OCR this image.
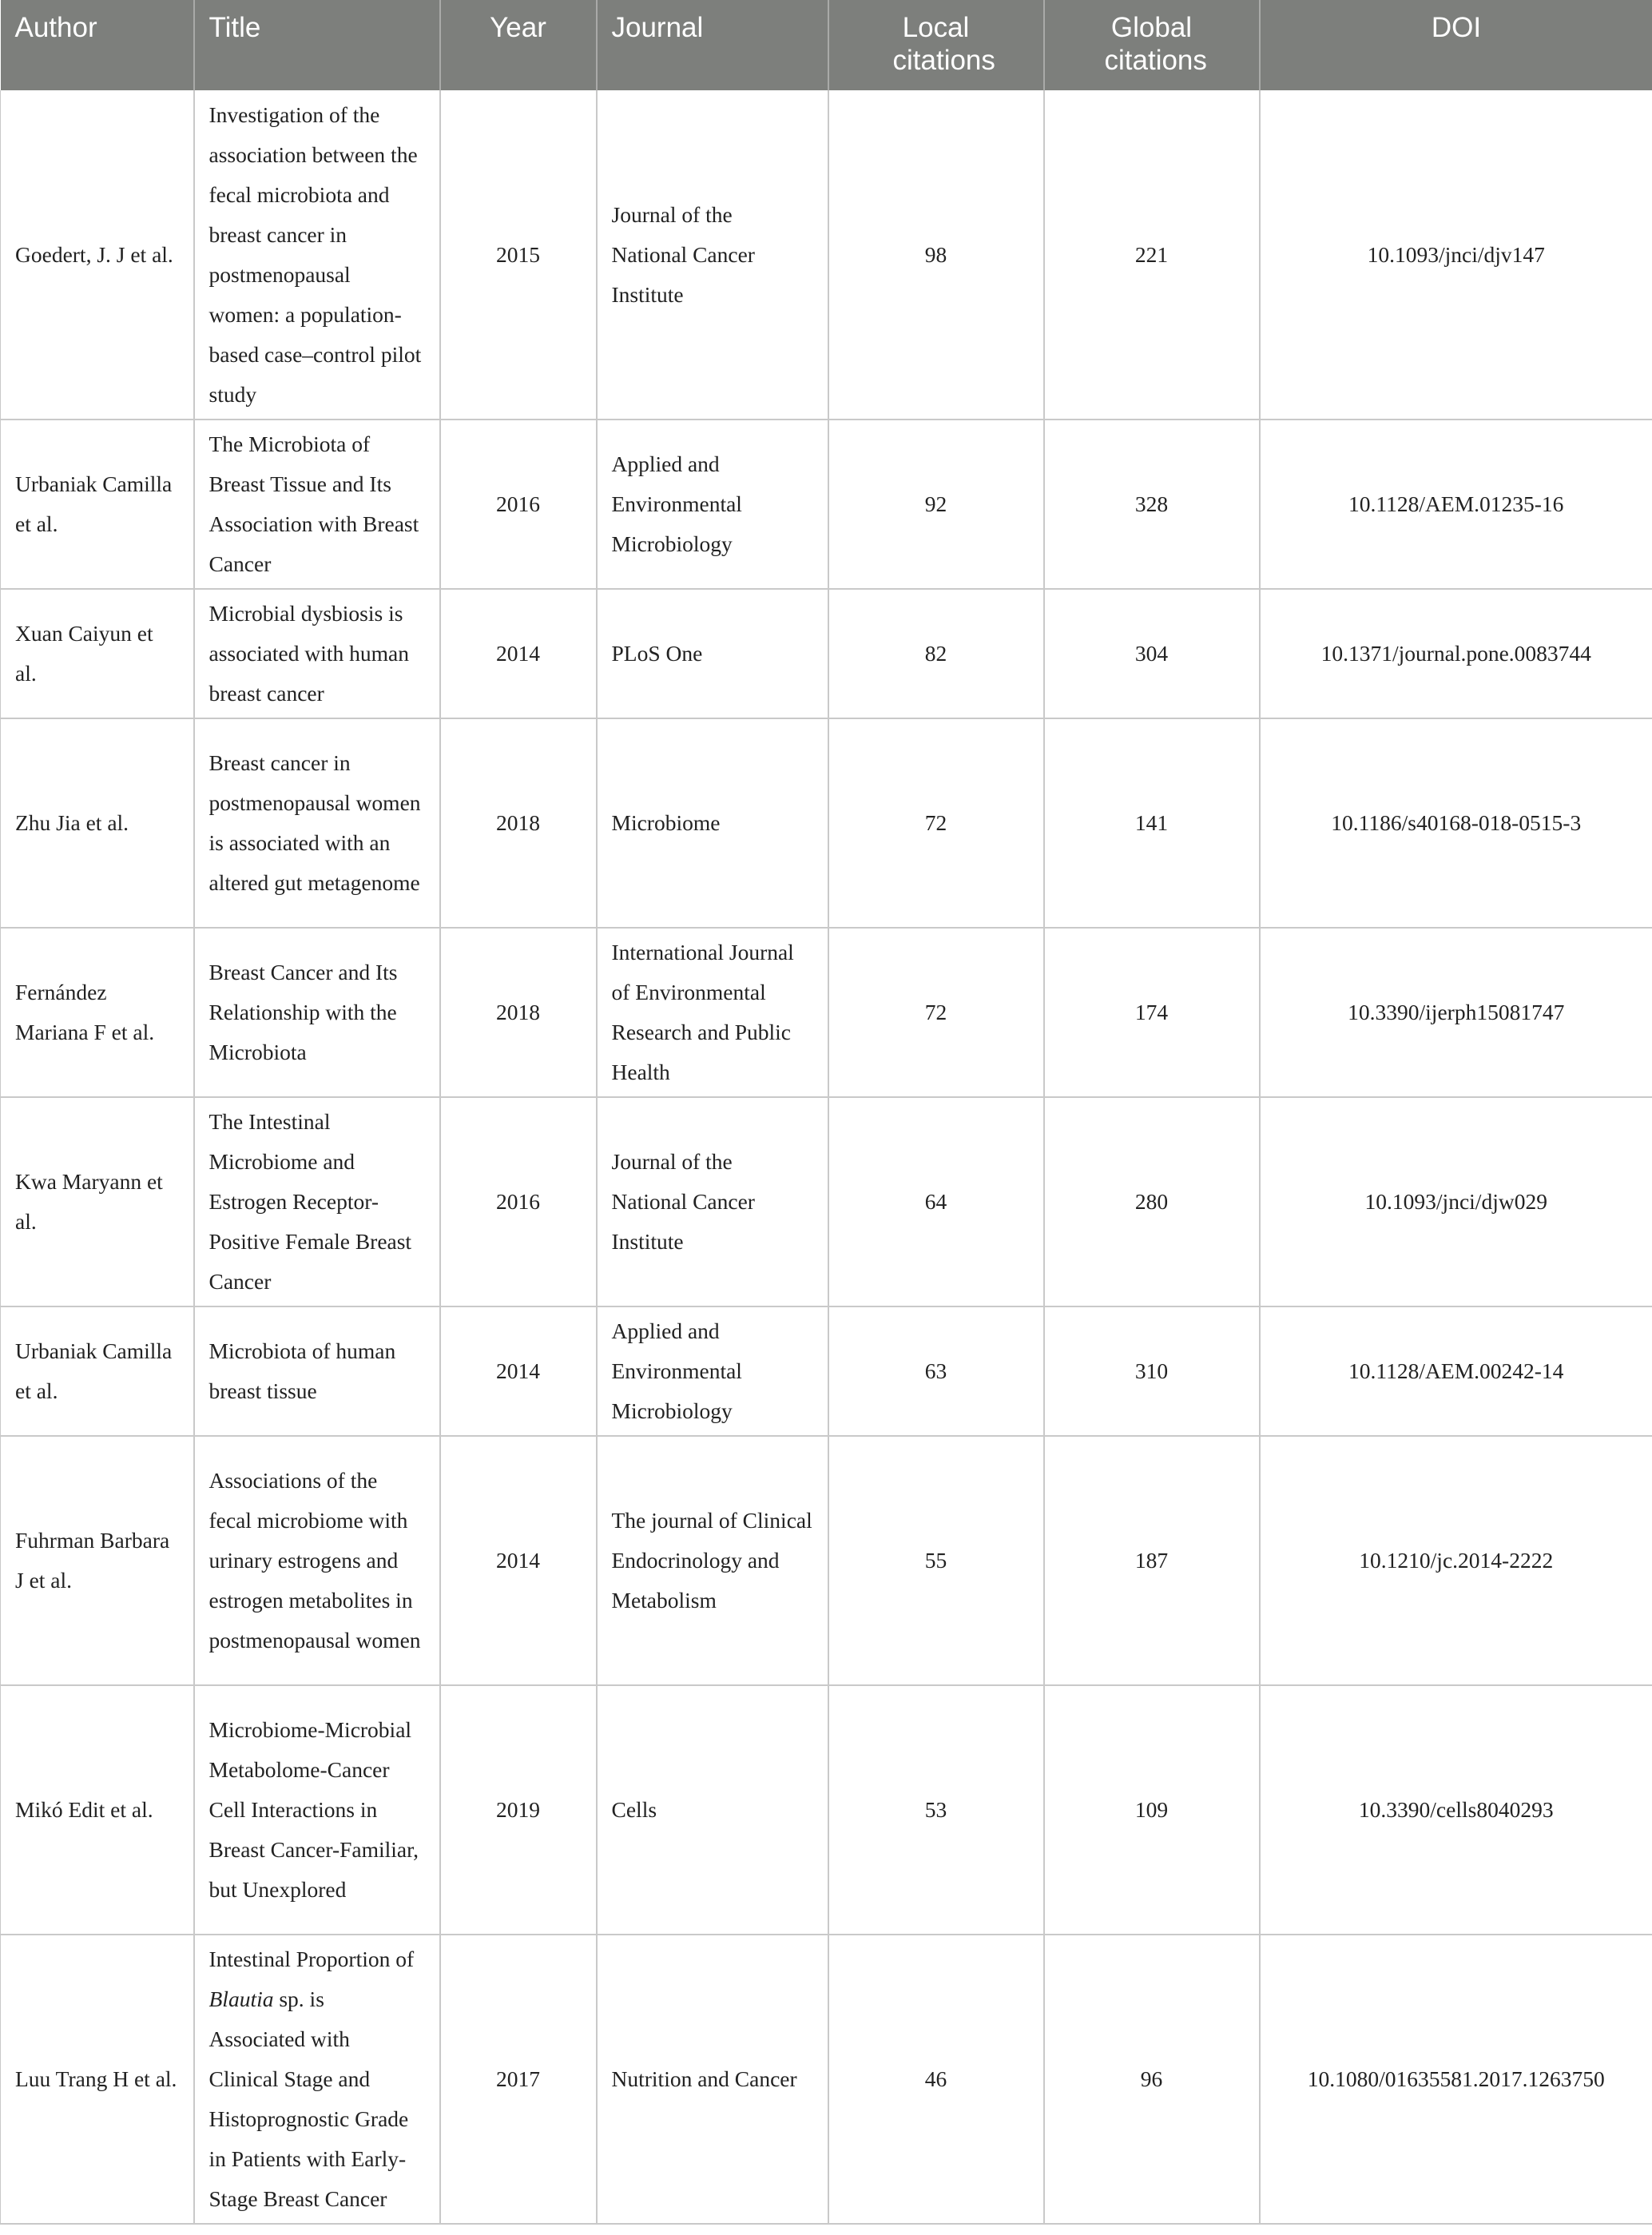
Author	Title	Year	Journal	Local citations	Global citations	DOI
Goedert, J. J et al.	Investigation of the association between the fecal microbiota and breast cancer in postmenopausal women: a population-based case–control pilot study	2015	Journal of the National Cancer Institute	98	221	10.1093/jnci/djv147
Urbaniak Camilla et al.	The Microbiota of Breast Tissue and Its Association with Breast Cancer	2016	Applied and Environmental Microbiology	92	328	10.1128/AEM.01235-16
Xuan Caiyun et al.	Microbial dysbiosis is associated with human breast cancer	2014	PLoS One	82	304	10.1371/journal.pone.0083744
Zhu Jia et al.	Breast cancer in postmenopausal women is associated with an altered gut metagenome	2018	Microbiome	72	141	10.1186/s40168-018-0515-3
Fernández Mariana F et al.	Breast Cancer and Its Relationship with the Microbiota	2018	International Journal of Environmental Research and Public Health	72	174	10.3390/ijerph15081747
Kwa Maryann et al.	The Intestinal Microbiome and Estrogen Receptor-Positive Female Breast Cancer	2016	Journal of the National Cancer Institute	64	280	10.1093/jnci/djw029
Urbaniak Camilla et al.	Microbiota of human breast tissue	2014	Applied and Environmental Microbiology	63	310	10.1128/AEM.00242-14
Fuhrman Barbara J et al.	Associations of the fecal microbiome with urinary estrogens and estrogen metabolites in postmenopausal women	2014	The journal of Clinical Endocrinology and Metabolism	55	187	10.1210/jc.2014-2222
Mikó Edit et al.	Microbiome-Microbial Metabolome-Cancer Cell Interactions in Breast Cancer-Familiar, but Unexplored	2019	Cells	53	109	10.3390/cells8040293
Luu Trang H et al.	Intestinal Proportion of Blautia sp. is Associated with Clinical Stage and Histoprognostic Grade in Patients with Early-Stage Breast Cancer	2017	Nutrition and Cancer	46	96	10.1080/01635581.2017.1263750
